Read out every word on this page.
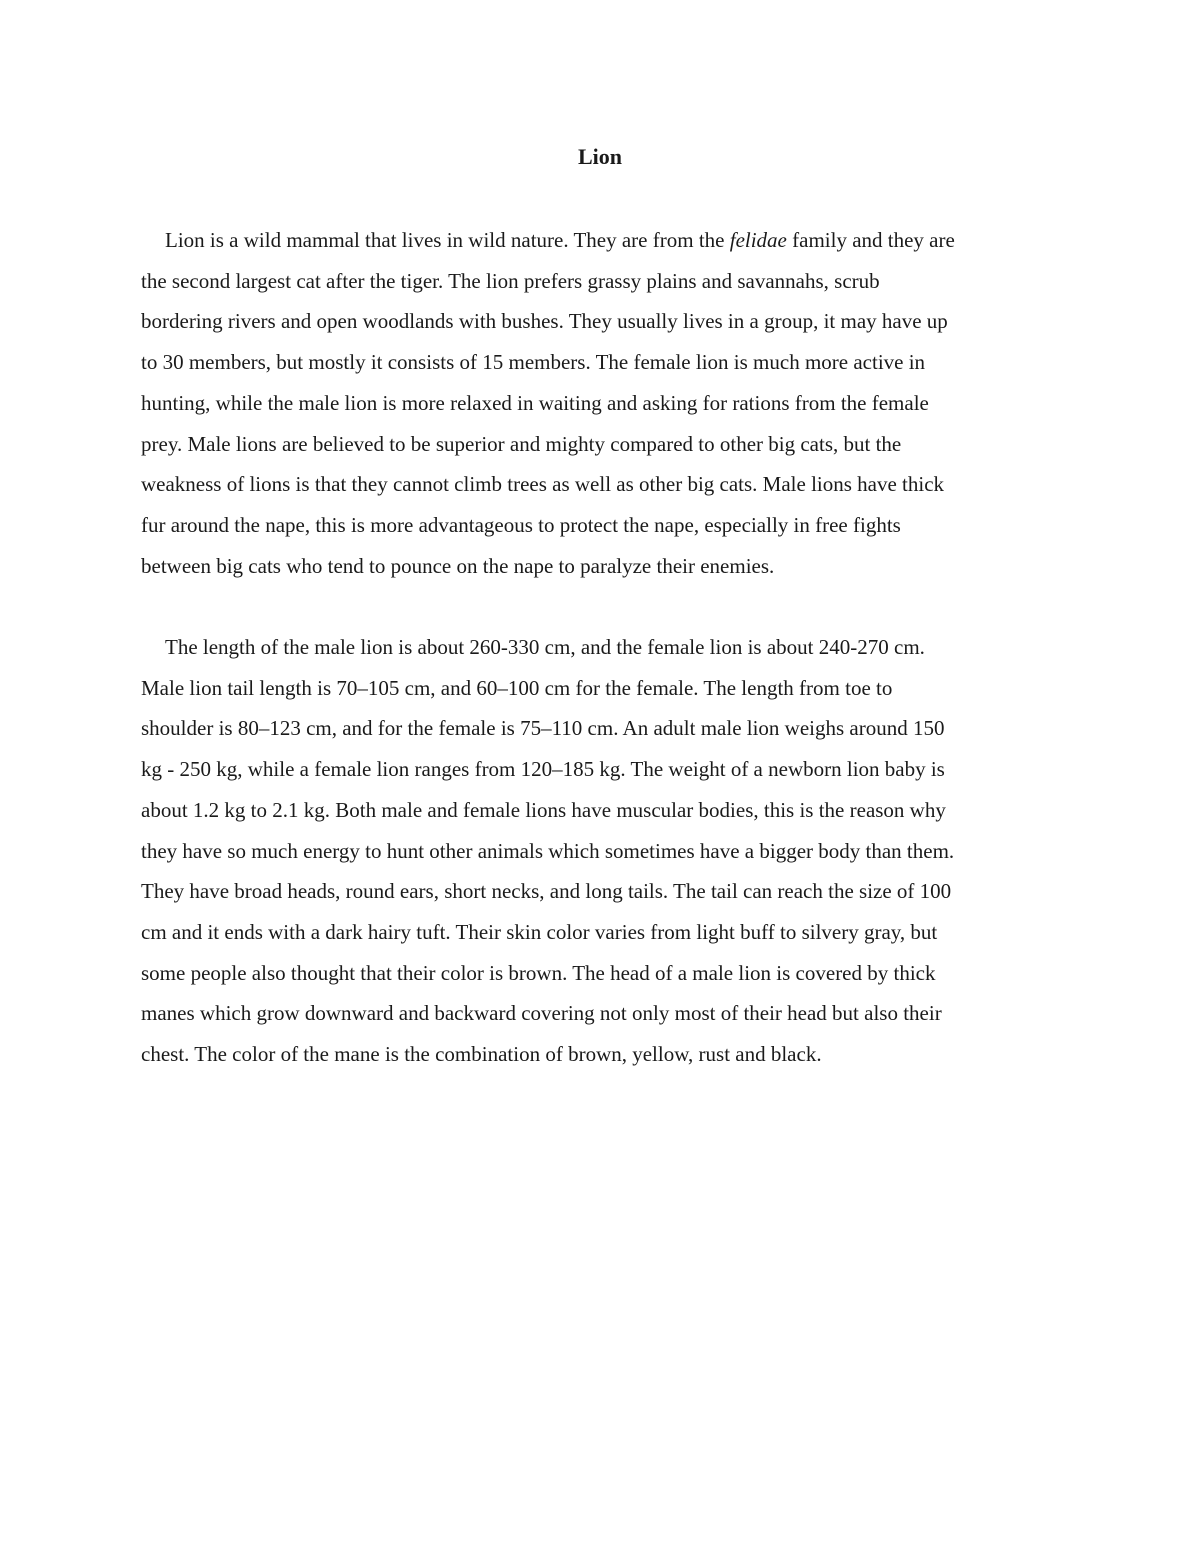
Lion

Lion is a wild mammal that lives in wild nature. They are from the felidae family and they are
the second largest cat after the tiger. The lion prefers grassy plains and savannahs, scrub
bordering rivers and open woodlands with bushes. They usually lives in a group, it may have up
to 30 members, but mostly it consists of 15 members. The female lion is much more active in
hunting, while the male lion is more relaxed in waiting and asking for rations from the female
prey. Male lions are believed to be superior and mighty compared to other big cats, but the
weakness of lions is that they cannot climb trees as well as other big cats. Male lions have thick
fur around the nape, this is more advantageous to protect the nape, especially in free fights
between big cats who tend to pounce on the nape to paralyze their enemies.

The length of the male lion is about 260-330 cm, and the female lion is about 240-270 cm.
Male lion tail length is 70–105 cm, and 60–100 cm for the female. The length from toe to
shoulder is 80–123 cm, and for the female is 75–110 cm. An adult male lion weighs around 150
kg - 250 kg, while a female lion ranges from 120–185 kg. The weight of a newborn lion baby is
about 1.2 kg to 2.1 kg. Both male and female lions have muscular bodies, this is the reason why
they have so much energy to hunt other animals which sometimes have a bigger body than them.
They have broad heads, round ears, short necks, and long tails. The tail can reach the size of 100
cm and it ends with a dark hairy tuft. Their skin color varies from light buff to silvery gray, but
some people also thought that their color is brown. The head of a male lion is covered by thick
manes which grow downward and backward covering not only most of their head but also their
chest. The color of the mane is the combination of brown, yellow, rust and black.
